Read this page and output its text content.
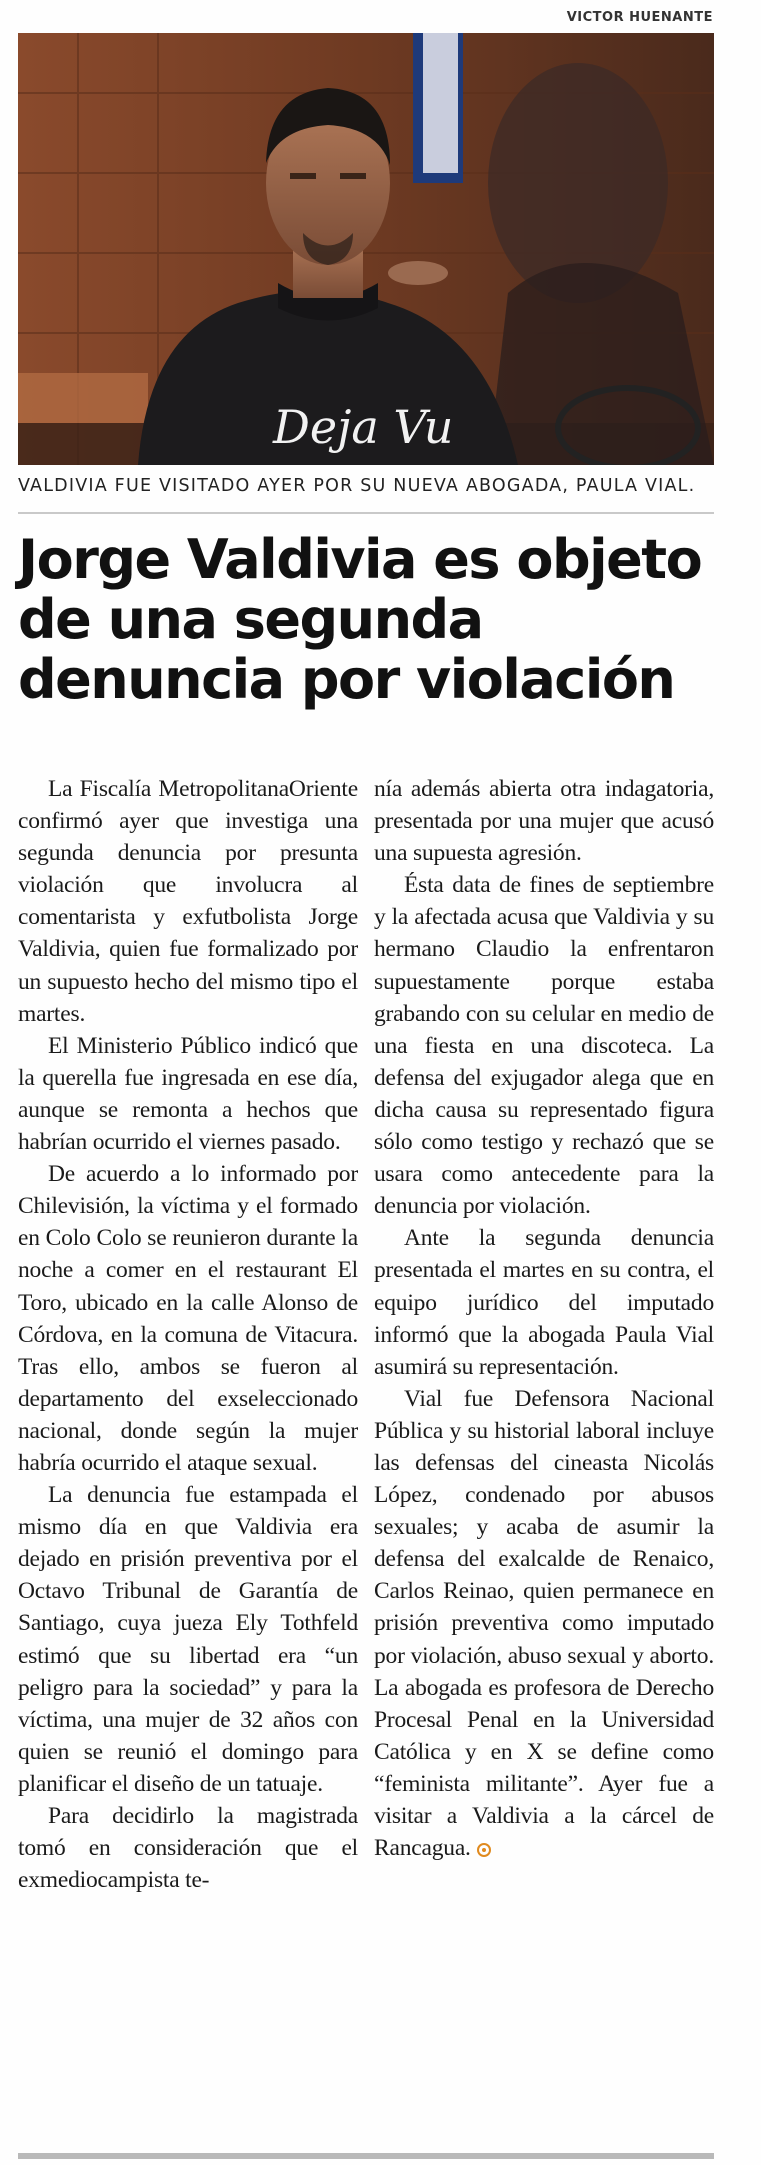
VICTOR HUENANTE
Deja Vu
VALDIVIA FUE VISITADO AYER POR SU NUEVA ABOGADA, PAULA VIAL.
Jorge Valdivia es objeto
de una segunda
denuncia por violación

La Fiscalía MetropolitanaOriente confirmó ayer que investiga una segunda denuncia por presunta violación que involucra al comentarista y exfutbolista Jorge Valdivia, quien fue formalizado por un supuesto hecho del mismo tipo el martes.

El Ministerio Público indicó que la querella fue ingresada en ese día, aunque se remonta a hechos que habrían ocurrido el viernes pasado.

De acuerdo a lo informado por Chilevisión, la víctima y el formado en Colo Colo se reunieron durante la noche a comer en el restaurant El Toro, ubicado en la calle Alonso de Córdova, en la comuna de Vitacura. Tras ello, ambos se fueron al departamento del exseleccionado nacional, donde según la mujer habría ocurrido el ataque sexual.

La denuncia fue estampada el mismo día en que Valdivia era dejado en prisión preventiva por el Octavo Tribunal de Garantía de Santiago, cuya jueza Ely Tothfeld estimó que su libertad era “un peligro para la sociedad” y para la víctima, una mujer de 32 años con quien se reunió el domingo para planificar el diseño de un tatuaje.

Para decidirlo la magistrada tomó en consideración que el exmediocampista te-

nía además abierta otra indagatoria, presentada por una mujer que acusó una supuesta agresión.

Ésta data de fines de septiembre y la afectada acusa que Valdivia y su hermano Claudio la enfrentaron supuestamente porque estaba grabando con su celular en medio de una fiesta en una discoteca. La defensa del exjugador alega que en dicha causa su representado figura sólo como testigo y rechazó que se usara como antecedente para la denuncia por violación.

Ante la segunda denuncia presentada el martes en su contra, el equipo jurídico del imputado informó que la abogada Paula Vial asumirá su representación.

Vial fue Defensora Nacional Pública y su historial laboral incluye las defensas del cineasta Nicolás López, condenado por abusos sexuales; y acaba de asumir la defensa del exalcalde de Renaico, Carlos Reinao, quien permanece en prisión preventiva como imputado por violación, abuso sexual y aborto. La abogada es profesora de Derecho Procesal Penal en la Universidad Católica y en X se define como “feminista militante”. Ayer fue a visitar a Valdivia a la cárcel de Rancagua.
